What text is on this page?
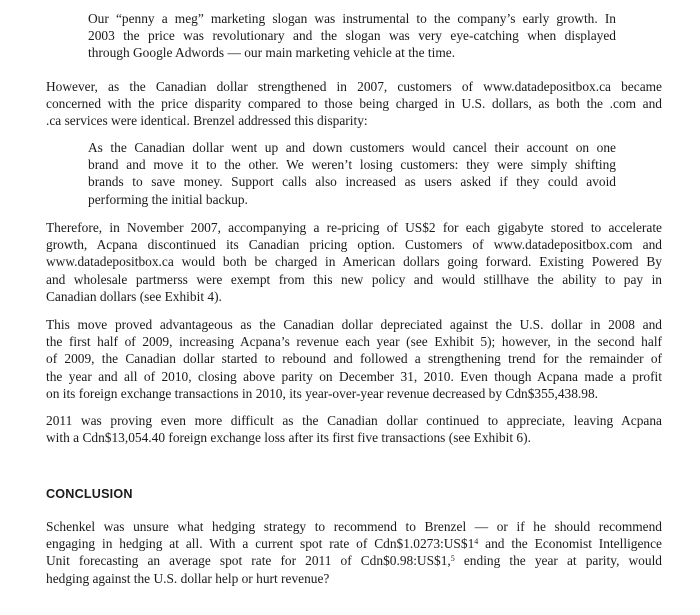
Our “penny a meg” marketing slogan was instrumental to the company’s early growth. In
2003 the price was revolutionary and the slogan was very eye-catching when displayed
through Google Adwords — our main marketing vehicle at the time.

However, as the Canadian dollar strengthened in 2007, customers of www.datadepositbox.ca became
concerned with the price disparity compared to those being charged in U.S. dollars, as both the .com and
.ca services were identical. Brenzel addressed this disparity:

As the Canadian dollar went up and down customers would cancel their account on one
brand and move it to the other. We weren’t losing customers: they were simply shifting
brands to save money. Support calls also increased as users asked if they could avoid
performing the initial backup.

Therefore, in November 2007, accompanying a re-pricing of US$2 for each gigabyte stored to accelerate
growth, Acpana discontinued its Canadian pricing option. Customers of www.datadepositbox.com and
www.datadepositbox.ca would both be charged in American dollars going forward. Existing Powered By
and wholesale partmerss were exempt from this new policy and would stillhave the ability to pay in
Canadian dollars (see Exhibit 4).

This move proved advantageous as the Canadian dollar depreciated against the U.S. dollar in 2008 and
the first half of 2009, increasing Acpana’s revenue each year (see Exhibit 5); however, in the second half
of 2009, the Canadian dollar started to rebound and followed a strengthening trend for the remainder of
the year and all of 2010, closing above parity on December 31, 2010. Even though Acpana made a profit
on its foreign exchange transactions in 2010, its year-over-year revenue decreased by Cdn$355,438.98.

2011 was proving even more difficult as the Canadian dollar continued to appreciate, leaving Acpana
with a Cdn$13,054.40 foreign exchange loss after its first five transactions (see Exhibit 6).

CONCLUSION

Schenkel was unsure what hedging strategy to recommend to Brenzel — or if he should recommend
engaging in hedging at all. With a current spot rate of $Cdn\$1.0273:US\$1^4$ and the Economist Intelligence
Unit forecasting an average spot rate for 2011 of Cdn$0.98:US$1,$^5$ ending the year at parity, would
hedging against the U.S. dollar help or hurt revenue?
